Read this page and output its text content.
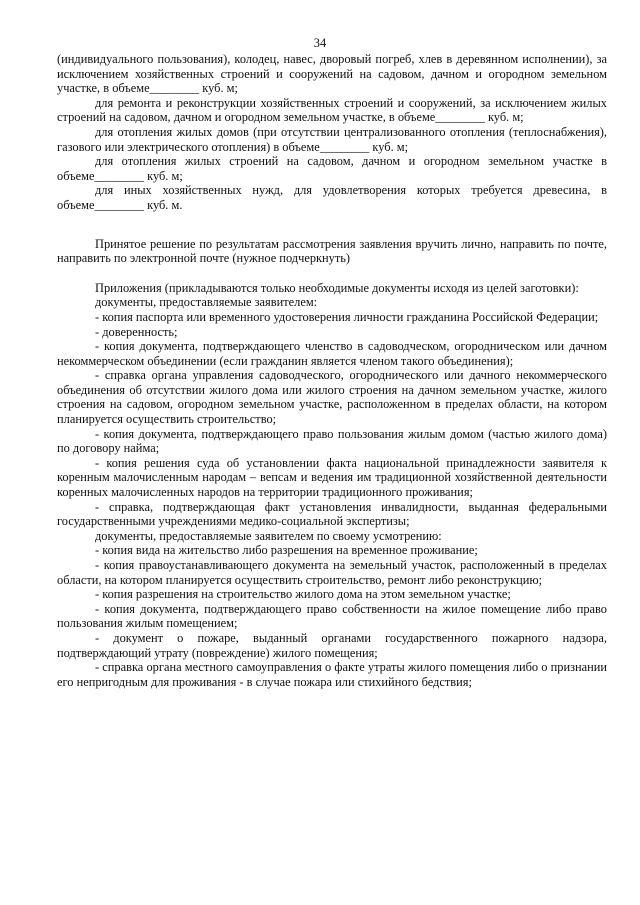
34

(индивидуального пользования), колодец, навес, дворовый погреб, хлев в деревянном исполнении), за исключением хозяйственных строений и сооружений на садовом, дачном и огородном земельном участке, в объеме________ куб. м;

для ремонта и реконструкции хозяйственных строений и сооружений, за исключением жилых строений на садовом, дачном и огородном земельном участке, в объеме________ куб. м;

для отопления жилых домов (при отсутствии централизованного отопления (теплоснабжения), газового или электрического отопления) в объеме________ куб. м;

для отопления жилых строений на садовом, дачном и огородном земельном участке в объеме________ куб. м;

для иных хозяйственных нужд, для удовлетворения которых требуется древесина, в объеме________ куб. м.

Принятое решение по результатам рассмотрения заявления вручить лично, направить по почте, направить по электронной почте (нужное подчеркнуть)

Приложения (прикладываются только необходимые документы исходя из целей заготовки):

документы, предоставляемые заявителем:

- копия паспорта или временного удостоверения личности гражданина Российской Федерации;

- доверенность;

- копия документа, подтверждающего членство в садоводческом, огородническом или дачном некоммерческом объединении (если гражданин является членом такого объединения);

- справка органа управления садоводческого, огороднического или дачного некоммерческого объединения об отсутствии жилого дома или жилого строения на дачном земельном участке, жилого строения на садовом, огородном земельном участке, расположенном в пределах области, на котором планируется осуществить строительство;

- копия документа, подтверждающего право пользования жилым домом (частью жилого дома) по договору найма;

- копия решения суда об установлении факта национальной принадлежности заявителя к коренным малочисленным народам – вепсам и ведения им традиционной хозяйственной деятельности коренных малочисленных народов на территории традиционного проживания;

- справка, подтверждающая факт установления инвалидности, выданная федеральными государственными учреждениями медико-социальной экспертизы;

документы, предоставляемые заявителем по своему усмотрению:

- копия вида на жительство либо разрешения на временное проживание;

- копия правоустанавливающего документа на земельный участок, расположенный в пределах области, на котором планируется осуществить строительство, ремонт либо реконструкцию;

- копия разрешения на строительство жилого дома на этом земельном участке;

- копия документа, подтверждающего право собственности на жилое помещение либо право пользования жилым помещением;

- документ о пожаре, выданный органами государственного пожарного надзора, подтверждающий утрату (повреждение) жилого помещения;

- справка органа местного самоуправления о факте утраты жилого помещения либо о признании его непригодным для проживания - в случае пожара или стихийного бедствия;
